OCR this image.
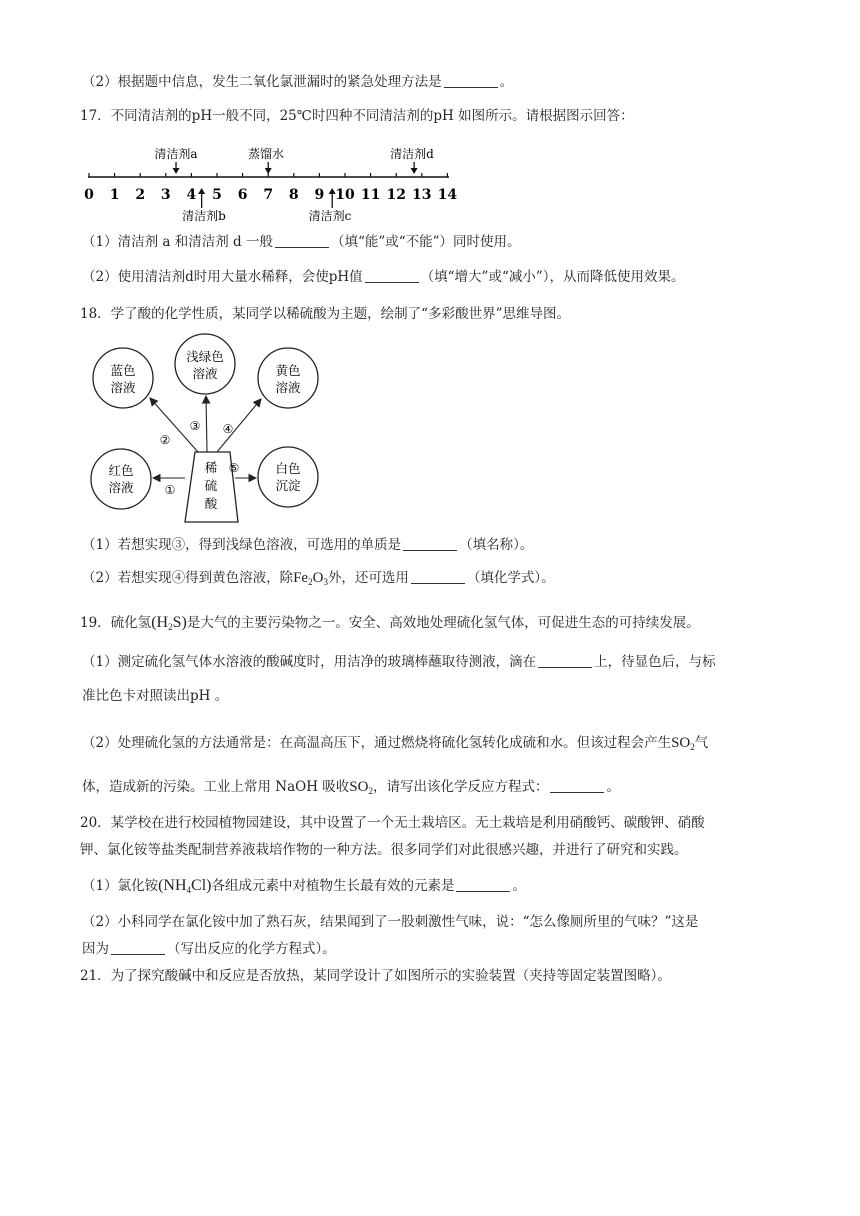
（2）根据题中信息，发生二氧化氯泄漏时的紧急处理方法是	。
17．不同清洁剂的pH一般不同，25℃时四种不同清洁剂的pH 如图所示。请根据图示回答：
0 1 2 3 4 5 6 7 8 9 10 11 12 13 14
清洁剂a	蒸馏水	清洁剂d
清洁剂b	清洁剂c
（1）清洁剂 a 和清洁剂 d 一般	（填“能”或“不能”）同时使用。
（2）使用清洁剂d时用大量水稀释，会使pH值	（填“增大”或“减小”），从而降低使用效果。
18．学了酸的化学性质，某同学以稀硫酸为主题，绘制了“多彩酸世界”思维导图。
稀
硫
酸
蓝色
溶液
浅绿色
溶液	黄色
溶液
红色
溶液
白色
沉淀
①
②
③ ④
⑤
（1）若想实现③，得到浅绿色溶液，可选用的单质是	（填名称）。
（2）若想实现④得到黄色溶液，除$Fe_2O_3$外，还可选用	（填化学式）。
19．硫化氢$(H_2S)$是大气的主要污染物之一。安全、高效地处理硫化氢气体，可促进生态的可持续发展。
（1）测定硫化氢气体水溶液的酸碱度时，用洁净的玻璃棒蘸取待测液，滴在	上，待显色后，与标
准比色卡对照读出pH 。
（2）处理硫化氢的方法通常是：在高温高压下，通过燃烧将硫化氢转化成硫和水。但该过程会产生$SO_2$气
体，造成新的污染。工业上常用 NaOH 吸收$SO_2$，请写出该化学反应方程式：	。
20．某学校在进行校园植物园建设，其中设置了一个无土栽培区。无土栽培是利用硝酸钙、碳酸钾、硝酸
钾、氯化铵等盐类配制营养液栽培作物的一种方法。很多同学们对此很感兴趣，并进行了研究和实践。
（1）氯化铵$(NH_4Cl)$各组成元素中对植物生长最有效的元素是	。
（2）小科同学在氯化铵中加了熟石灰，结果闻到了一股刺激性气味，说：“怎么像厕所里的气味？”这是
因为	（写出反应的化学方程式）。
21．为了探究酸碱中和反应是否放热，某同学设计了如图所示的实验装置（夹持等固定装置图略）。
